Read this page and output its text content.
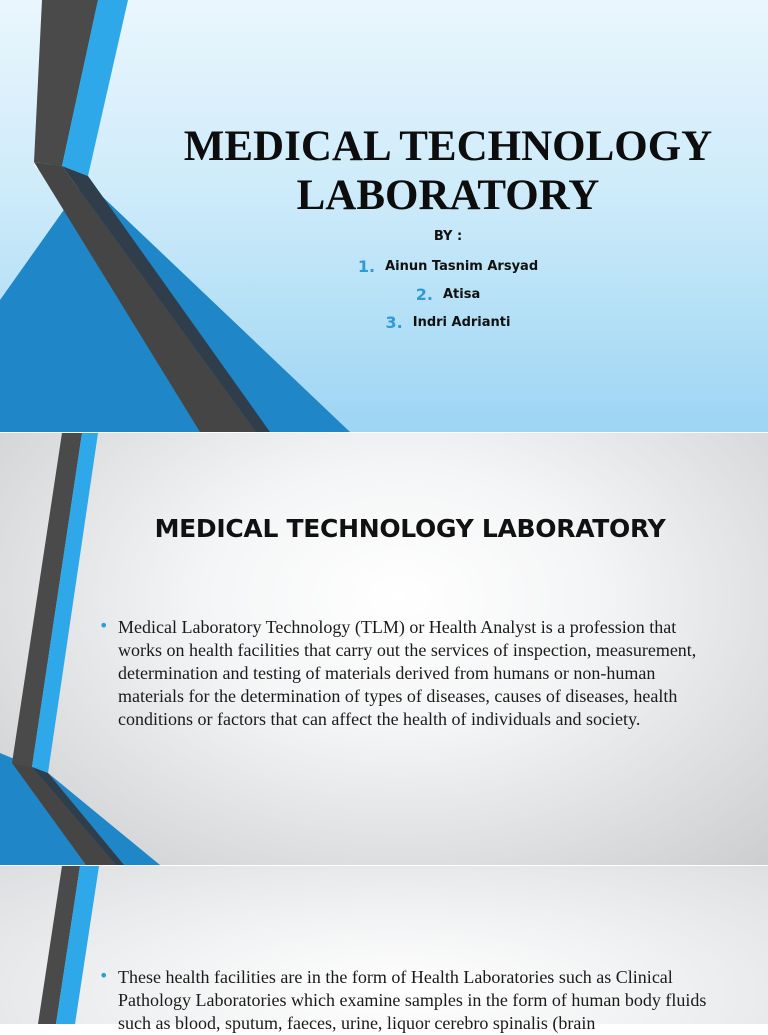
MEDICAL TECHNOLOGY LABORATORY
BY :
1. Ainun Tasnim Arsyad
2. Atisa
3. Indri Adrianti
MEDICAL TECHNOLOGY LABORATORY
• Medical Laboratory Technology (TLM) or Health Analyst is a profession that works on health facilities that carry out the services of inspection, measurement, determination and testing of materials derived from humans or non-human materials for the determination of types of diseases, causes of diseases, health conditions or factors that can affect the health of individuals and society.
• These health facilities are in the form of Health Laboratories such as Clinical Pathology Laboratories which examine samples in the form of human body fluids such as blood, sputum, faeces, urine, liquor cerebro spinalis (brain
